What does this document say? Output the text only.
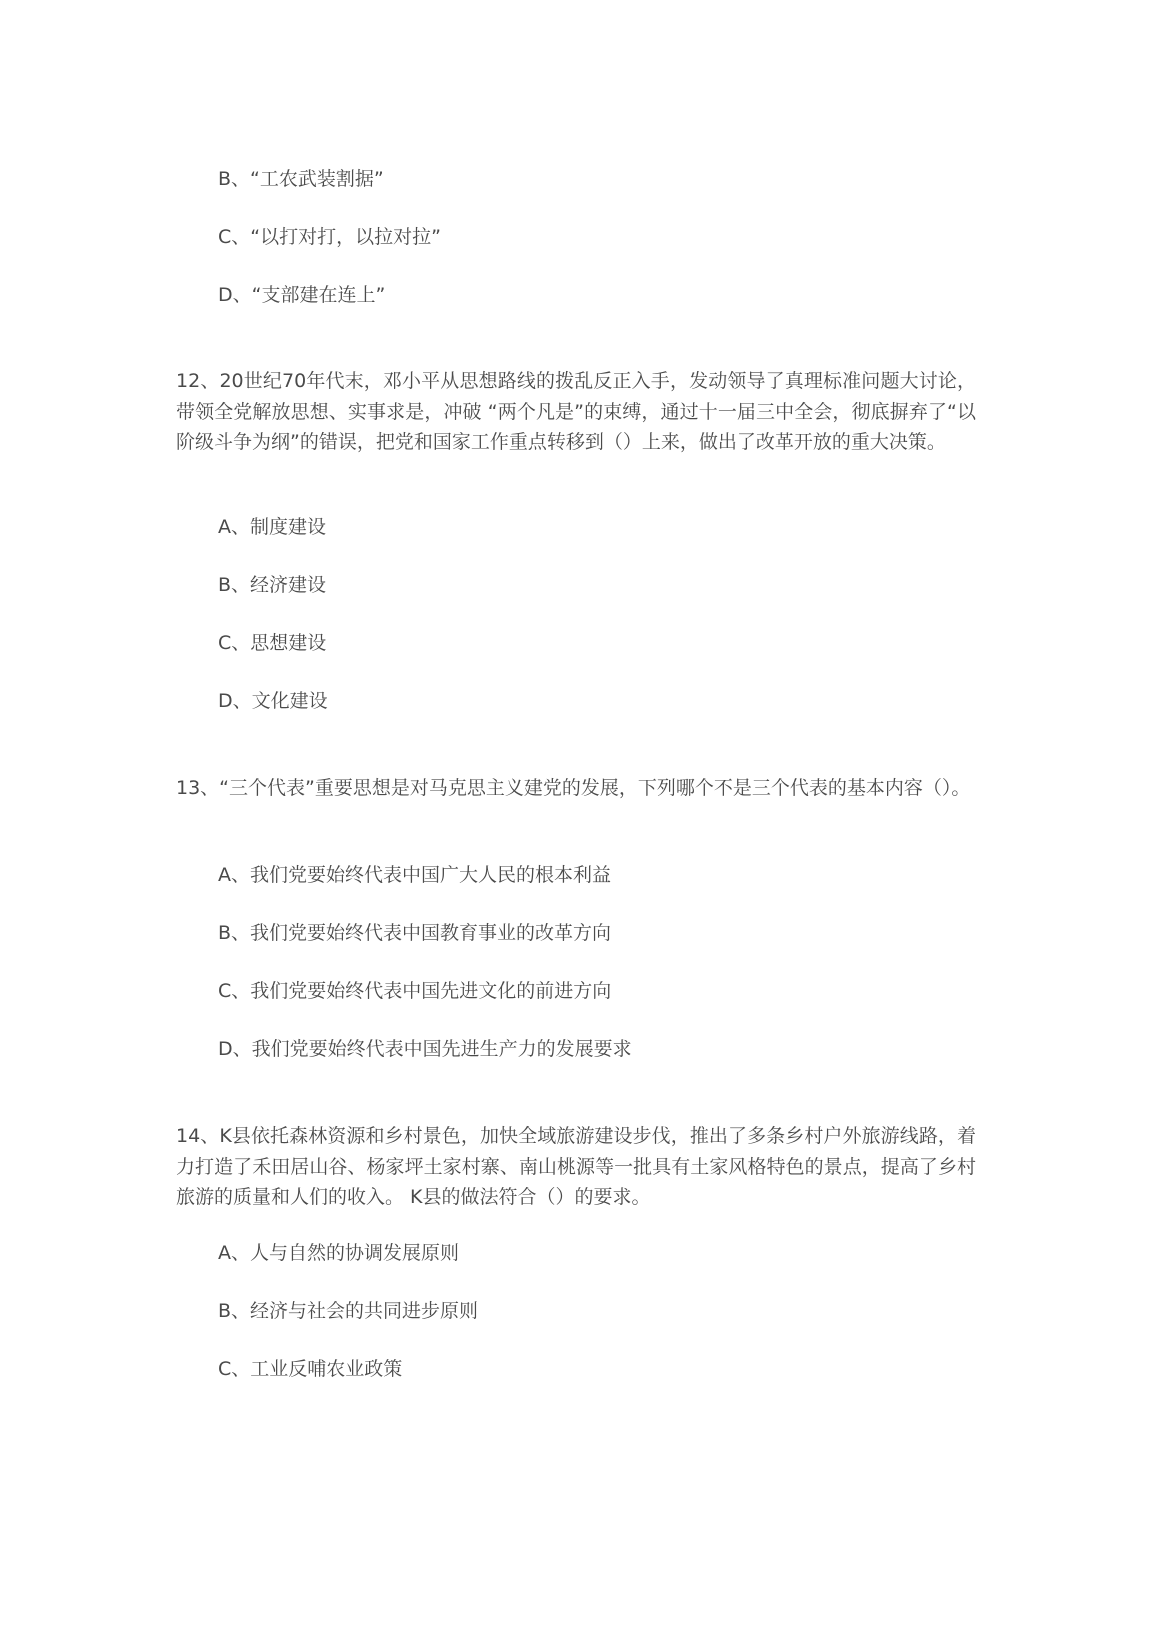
B、“工农武装割据”
C、“以打对打，以拉对拉”
D、“支部建在连上”
12、20世纪70年代末，邓小平从思想路线的拨乱反正入手，发动领导了真理标准问题大讨论，带领全党解放思想、实事求是，冲破 “两个凡是”的束缚，通过十一届三中全会，彻底摒弃了“以阶级斗争为纲”的错误，把党和国家工作重点转移到（）上来，做出了改革开放的重大决策。
A、制度建设
B、经济建设
C、思想建设
D、文化建设
13、“三个代表”重要思想是对马克思主义建党的发展，下列哪个不是三个代表的基本内容（）。
A、我们党要始终代表中国广大人民的根本利益
B、我们党要始终代表中国教育事业的改革方向
C、我们党要始终代表中国先进文化的前进方向
D、我们党要始终代表中国先进生产力的发展要求
14、K县依托森林资源和乡村景色，加快全域旅游建设步伐，推出了多条乡村户外旅游线路，着力打造了禾田居山谷、杨家坪土家村寨、南山桃源等一批具有土家风格特色的景点，提高了乡村旅游的质量和人们的收入。 K县的做法符合（）的要求。
A、人与自然的协调发展原则
B、经济与社会的共同进步原则
C、工业反哺农业政策
